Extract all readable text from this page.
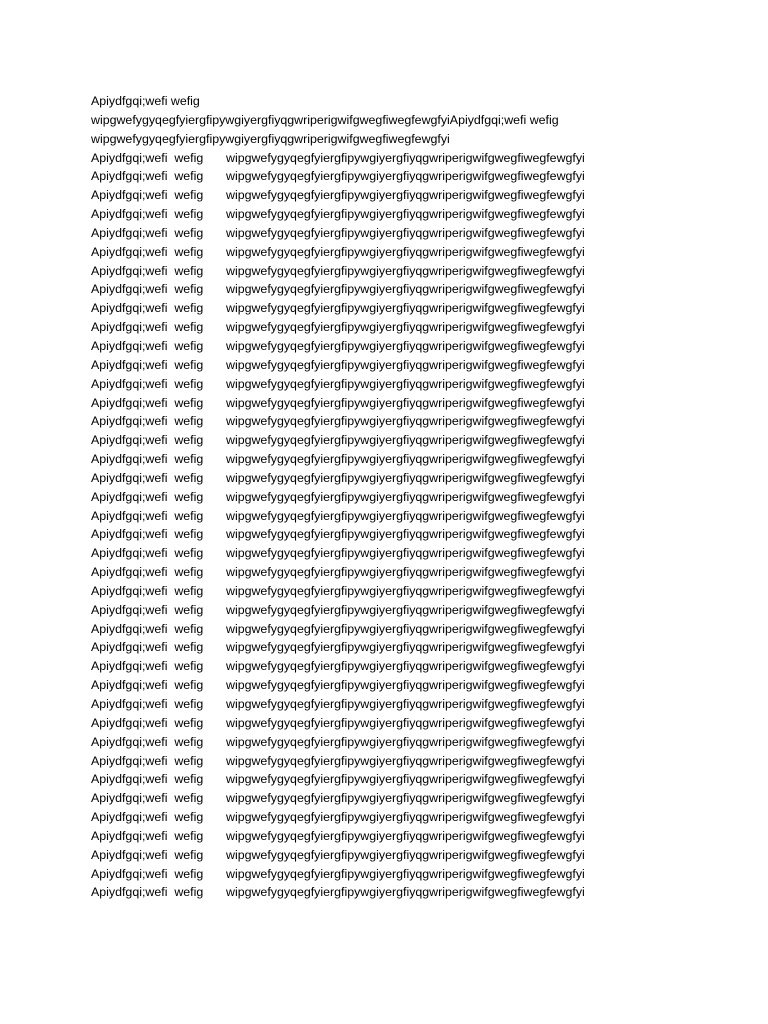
Apiydfgqi;wefi wefig
wipgwefygyqegfyiergfipywgiyergfiyqgwriperigwifgwegfiwegfewgfyiApiydfgqi;wefi wefig
wipgwefygyqegfyiergfipywgiyergfiyqgwriperigwifgwegfiwegfewgfyi
Apiydfgqi;wefi  wefig	wipgwefygyqegfyiergfipywgiyergfiyqgwriperigwifgwegfiwegfewgfyi
Apiydfgqi;wefi  wefig	wipgwefygyqegfyiergfipywgiyergfiyqgwriperigwifgwegfiwegfewgfyi
Apiydfgqi;wefi  wefig	wipgwefygyqegfyiergfipywgiyergfiyqgwriperigwifgwegfiwegfewgfyi
Apiydfgqi;wefi  wefig	wipgwefygyqegfyiergfipywgiyergfiyqgwriperigwifgwegfiwegfewgfyi
Apiydfgqi;wefi  wefig	wipgwefygyqegfyiergfipywgiyergfiyqgwriperigwifgwegfiwegfewgfyi
Apiydfgqi;wefi  wefig	wipgwefygyqegfyiergfipywgiyergfiyqgwriperigwifgwegfiwegfewgfyi
Apiydfgqi;wefi  wefig	wipgwefygyqegfyiergfipywgiyergfiyqgwriperigwifgwegfiwegfewgfyi
Apiydfgqi;wefi  wefig	wipgwefygyqegfyiergfipywgiyergfiyqgwriperigwifgwegfiwegfewgfyi
Apiydfgqi;wefi  wefig	wipgwefygyqegfyiergfipywgiyergfiyqgwriperigwifgwegfiwegfewgfyi
Apiydfgqi;wefi  wefig	wipgwefygyqegfyiergfipywgiyergfiyqgwriperigwifgwegfiwegfewgfyi
Apiydfgqi;wefi  wefig	wipgwefygyqegfyiergfipywgiyergfiyqgwriperigwifgwegfiwegfewgfyi
Apiydfgqi;wefi  wefig	wipgwefygyqegfyiergfipywgiyergfiyqgwriperigwifgwegfiwegfewgfyi
Apiydfgqi;wefi  wefig	wipgwefygyqegfyiergfipywgiyergfiyqgwriperigwifgwegfiwegfewgfyi
Apiydfgqi;wefi  wefig	wipgwefygyqegfyiergfipywgiyergfiyqgwriperigwifgwegfiwegfewgfyi
Apiydfgqi;wefi  wefig	wipgwefygyqegfyiergfipywgiyergfiyqgwriperigwifgwegfiwegfewgfyi
Apiydfgqi;wefi  wefig	wipgwefygyqegfyiergfipywgiyergfiyqgwriperigwifgwegfiwegfewgfyi
Apiydfgqi;wefi  wefig	wipgwefygyqegfyiergfipywgiyergfiyqgwriperigwifgwegfiwegfewgfyi
Apiydfgqi;wefi  wefig	wipgwefygyqegfyiergfipywgiyergfiyqgwriperigwifgwegfiwegfewgfyi
Apiydfgqi;wefi  wefig	wipgwefygyqegfyiergfipywgiyergfiyqgwriperigwifgwegfiwegfewgfyi
Apiydfgqi;wefi  wefig	wipgwefygyqegfyiergfipywgiyergfiyqgwriperigwifgwegfiwegfewgfyi
Apiydfgqi;wefi  wefig	wipgwefygyqegfyiergfipywgiyergfiyqgwriperigwifgwegfiwegfewgfyi
Apiydfgqi;wefi  wefig	wipgwefygyqegfyiergfipywgiyergfiyqgwriperigwifgwegfiwegfewgfyi
Apiydfgqi;wefi  wefig	wipgwefygyqegfyiergfipywgiyergfiyqgwriperigwifgwegfiwegfewgfyi
Apiydfgqi;wefi  wefig	wipgwefygyqegfyiergfipywgiyergfiyqgwriperigwifgwegfiwegfewgfyi
Apiydfgqi;wefi  wefig	wipgwefygyqegfyiergfipywgiyergfiyqgwriperigwifgwegfiwegfewgfyi
Apiydfgqi;wefi  wefig	wipgwefygyqegfyiergfipywgiyergfiyqgwriperigwifgwegfiwegfewgfyi
Apiydfgqi;wefi  wefig	wipgwefygyqegfyiergfipywgiyergfiyqgwriperigwifgwegfiwegfewgfyi
Apiydfgqi;wefi  wefig	wipgwefygyqegfyiergfipywgiyergfiyqgwriperigwifgwegfiwegfewgfyi
Apiydfgqi;wefi  wefig	wipgwefygyqegfyiergfipywgiyergfiyqgwriperigwifgwegfiwegfewgfyi
Apiydfgqi;wefi  wefig	wipgwefygyqegfyiergfipywgiyergfiyqgwriperigwifgwegfiwegfewgfyi
Apiydfgqi;wefi  wefig	wipgwefygyqegfyiergfipywgiyergfiyqgwriperigwifgwegfiwegfewgfyi
Apiydfgqi;wefi  wefig	wipgwefygyqegfyiergfipywgiyergfiyqgwriperigwifgwegfiwegfewgfyi
Apiydfgqi;wefi  wefig	wipgwefygyqegfyiergfipywgiyergfiyqgwriperigwifgwegfiwegfewgfyi
Apiydfgqi;wefi  wefig	wipgwefygyqegfyiergfipywgiyergfiyqgwriperigwifgwegfiwegfewgfyi
Apiydfgqi;wefi  wefig	wipgwefygyqegfyiergfipywgiyergfiyqgwriperigwifgwegfiwegfewgfyi
Apiydfgqi;wefi  wefig	wipgwefygyqegfyiergfipywgiyergfiyqgwriperigwifgwegfiwegfewgfyi
Apiydfgqi;wefi  wefig	wipgwefygyqegfyiergfipywgiyergfiyqgwriperigwifgwegfiwegfewgfyi
Apiydfgqi;wefi  wefig	wipgwefygyqegfyiergfipywgiyergfiyqgwriperigwifgwegfiwegfewgfyi
Apiydfgqi;wefi  wefig	wipgwefygyqegfyiergfipywgiyergfiyqgwriperigwifgwegfiwegfewgfyi
Apiydfgqi;wefi  wefig	wipgwefygyqegfyiergfipywgiyergfiyqgwriperigwifgwegfiwegfewgfyi
